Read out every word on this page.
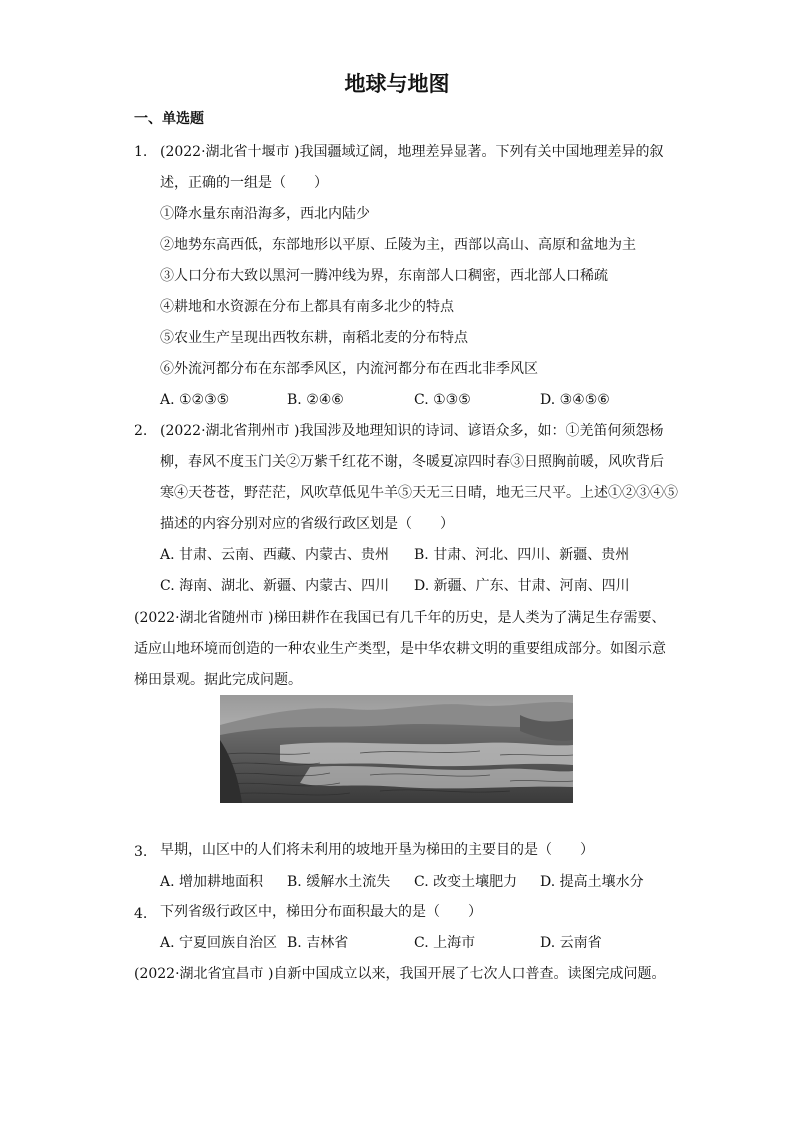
地球与地图
一、单选题
1. (2022·湖北省十堰市 )我国疆域辽阔，地理差异显著。下列有关中国地理差异的叙
述，正确的一组是（　　）
①降水量东南沿海多，西北内陆少
②地势东高西低，东部地形以平原、丘陵为主，西部以高山、高原和盆地为主
③人口分布大致以黑河一腾冲线为界，东南部人口稠密，西北部人口稀疏
④耕地和水资源在分布上都具有南多北少的特点
⑤农业生产呈现出西牧东耕，南稻北麦的分布特点
⑥外流河都分布在东部季风区，内流河都分布在西北非季风区
A. ①②③⑤	B. ②④⑥	C. ①③⑤	D. ③④⑤⑥
2. (2022·湖北省荆州市 )我国涉及地理知识的诗词、谚语众多，如：①羌笛何须怨杨
柳，春风不度玉门关②万紫千红花不谢，冬暖夏凉四时春③日照胸前暖，风吹背后
寒④天苍苍，野茫茫，风吹草低见牛羊⑤天无三日晴，地无三尺平。上述①②③④⑤
描述的内容分别对应的省级行政区划是（　　）
A. 甘肃、云南、西藏、内蒙古、贵州 B. 甘肃、河北、四川、新疆、贵州
C. 海南、湖北、新疆、内蒙古、四川 D. 新疆、广东、甘肃、河南、四川
(2022·湖北省随州市 )梯田耕作在我国已有几千年的历史，是人类为了满足生存需要、
适应山地环境而创造的一种农业生产类型，是中华农耕文明的重要组成部分。如图示意
梯田景观。据此完成问题。
3. 早期，山区中的人们将未利用的坡地开垦为梯田的主要目的是（　　）
A. 增加耕地面积 B. 缓解水土流失 C. 改变土壤肥力 D. 提高土壤水分
4. 下列省级行政区中，梯田分布面积最大的是（　　）
A. 宁夏回族自治区 B. 吉林省	C. 上海市	D. 云南省
(2022·湖北省宜昌市 )自新中国成立以来，我国开展了七次人口普查。读图完成问题。
